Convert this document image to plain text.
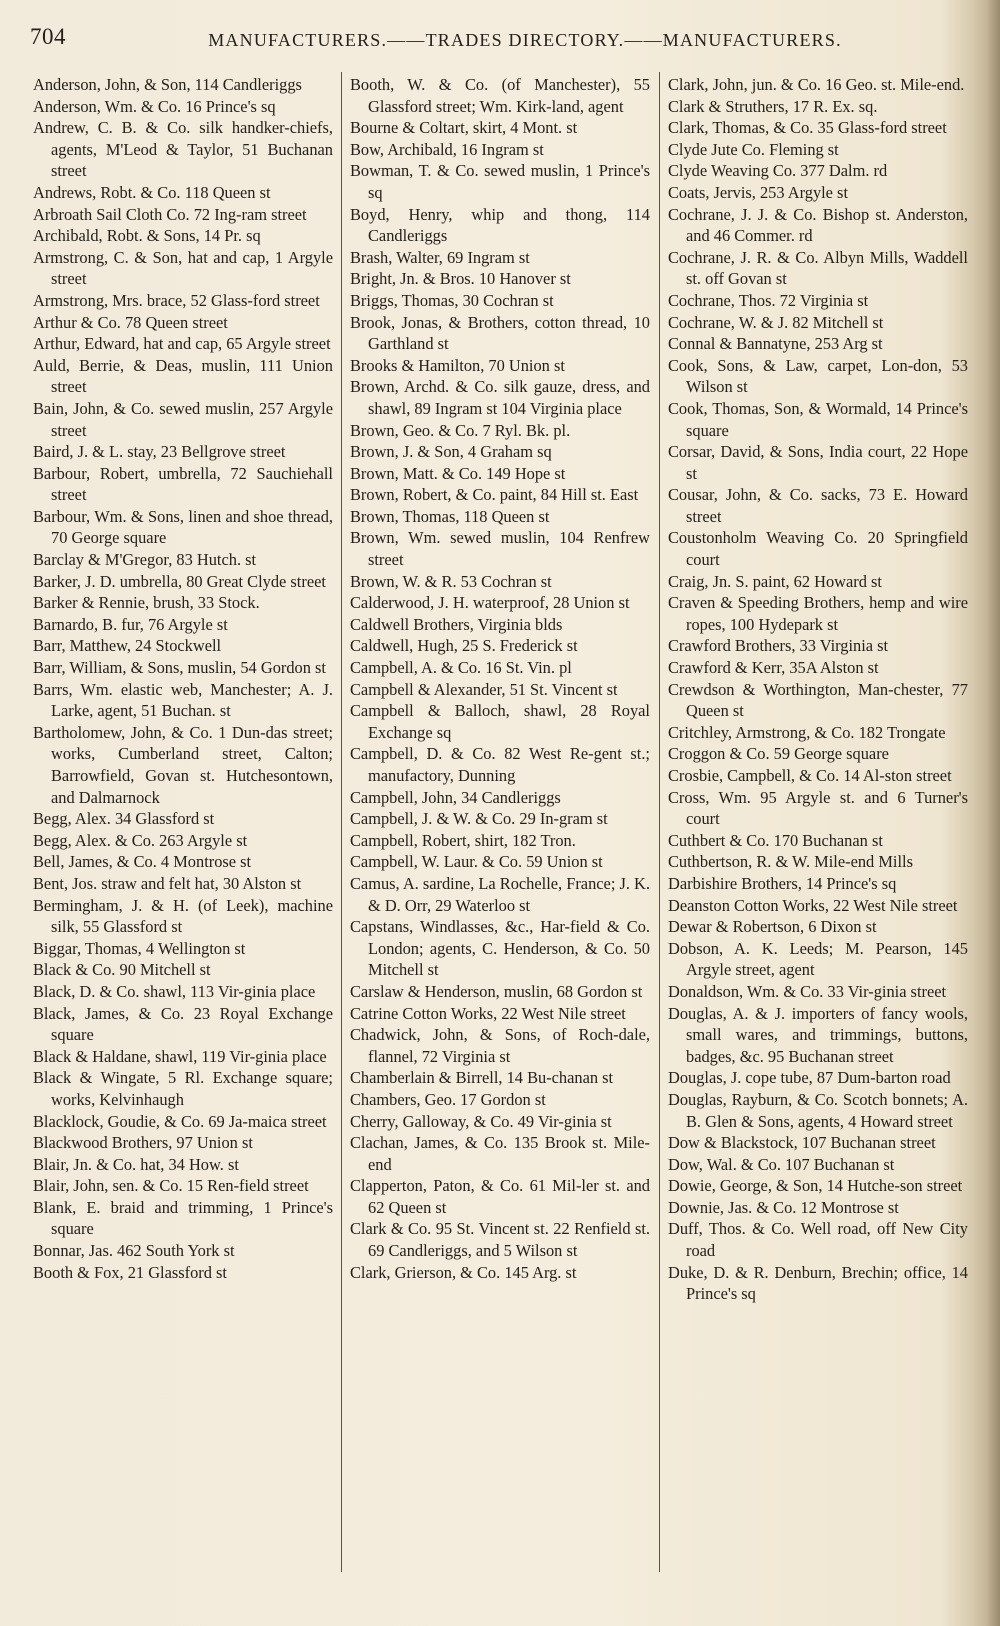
704	MANUFACTURERS.——TRADES DIRECTORY.——MANUFACTURERS.
Anderson, John, & Son, 114 Candleriggs
Anderson, Wm. & Co. 16 Prince's sq
Andrew, C. B. & Co. silk handker-chiefs, agents, M'Leod & Taylor, 51 Buchanan street
Andrews, Robt. & Co. 118 Queen st
Arbroath Sail Cloth Co. 72 Ing-ram street
Archibald, Robt. & Sons, 14 Pr. sq
Armstrong, C. & Son, hat and cap, 1 Argyle street
Armstrong, Mrs. brace, 52 Glass-ford street
Arthur & Co. 78 Queen street
Arthur, Edward, hat and cap, 65 Argyle street
Auld, Berrie, & Deas, muslin, 111 Union street
Bain, John, & Co. sewed muslin, 257 Argyle street
Baird, J. & L. stay, 23 Bellgrove street
Barbour, Robert, umbrella, 72 Sauchiehall street
Barbour, Wm. & Sons, linen and shoe thread, 70 George square
Barclay & M'Gregor, 83 Hutch. st
Barker, J. D. umbrella, 80 Great Clyde street
Barker & Rennie, brush, 33 Stock.
Barnardo, B. fur, 76 Argyle st
Barr, Matthew, 24 Stockwell
Barr, William, & Sons, muslin, 54 Gordon st
Barrs, Wm. elastic web, Manchester; A. J. Larke, agent, 51 Buchan. st
Bartholomew, John, & Co. 1 Dun-das street; works, Cumberland street, Calton; Barrowfield, Govan st. Hutchesontown, and Dalmarnock
Begg, Alex. 34 Glassford st
Begg, Alex. & Co. 263 Argyle st
Bell, James, & Co. 4 Montrose st
Bent, Jos. straw and felt hat, 30 Alston st
Bermingham, J. & H. (of Leek), machine silk, 55 Glassford st
Biggar, Thomas, 4 Wellington st
Black & Co. 90 Mitchell st
Black, D. & Co. shawl, 113 Vir-ginia place
Black, James, & Co. 23 Royal Exchange square
Black & Haldane, shawl, 119 Vir-ginia place
Black & Wingate, 5 Rl. Exchange square; works, Kelvinhaugh
Blacklock, Goudie, & Co. 69 Ja-maica street
Blackwood Brothers, 97 Union st
Blair, Jn. & Co. hat, 34 How. st
Blair, John, sen. & Co. 15 Ren-field street
Blank, E. braid and trimming, 1 Prince's square
Bonnar, Jas. 462 South York st
Booth & Fox, 21 Glassford st
Booth, W. & Co. (of Manchester), 55 Glassford street; Wm. Kirk-land, agent
Bourne & Coltart, skirt, 4 Mont. st
Bow, Archibald, 16 Ingram st
Bowman, T. & Co. sewed muslin, 1 Prince's sq
Boyd, Henry, whip and thong, 114 Candleriggs
Brash, Walter, 69 Ingram st
Bright, Jn. & Bros. 10 Hanover st
Briggs, Thomas, 30 Cochran st
Brook, Jonas, & Brothers, cotton thread, 10 Garthland st
Brooks & Hamilton, 70 Union st
Brown, Archd. & Co. silk gauze, dress, and shawl, 89 Ingram st 104 Virginia place
Brown, Geo. & Co. 7 Ryl. Bk. pl.
Brown, J. & Son, 4 Graham sq
Brown, Matt. & Co. 149 Hope st
Brown, Robert, & Co. paint, 84 Hill st. East
Brown, Thomas, 118 Queen st
Brown, Wm. sewed muslin, 104 Renfrew street
Brown, W. & R. 53 Cochran st
Calderwood, J. H. waterproof, 28 Union st
Caldwell Brothers, Virginia blds
Caldwell, Hugh, 25 S. Frederick st
Campbell, A. & Co. 16 St. Vin. pl
Campbell & Alexander, 51 St. Vincent st
Campbell & Balloch, shawl, 28 Royal Exchange sq
Campbell, D. & Co. 82 West Re-gent st.; manufactory, Dunning
Campbell, John, 34 Candleriggs
Campbell, J. & W. & Co. 29 In-gram st
Campbell, Robert, shirt, 182 Tron.
Campbell, W. Laur. & Co. 59 Union st
Camus, A. sardine, La Rochelle, France; J. K. & D. Orr, 29 Waterloo st
Capstans, Windlasses, &c., Har-field & Co. London; agents, C. Henderson, & Co. 50 Mitchell st
Carslaw & Henderson, muslin, 68 Gordon st
Catrine Cotton Works, 22 West Nile street
Chadwick, John, & Sons, of Roch-dale, flannel, 72 Virginia st
Chamberlain & Birrell, 14 Bu-chanan st
Chambers, Geo. 17 Gordon st
Cherry, Galloway, & Co. 49 Vir-ginia st
Clachan, James, & Co. 135 Brook st. Mile-end
Clapperton, Paton, & Co. 61 Mil-ler st. and 62 Queen st
Clark & Co. 95 St. Vincent st. 22 Renfield st. 69 Candleriggs, and 5 Wilson st
Clark, Grierson, & Co. 145 Arg. st
Clark, John, jun. & Co. 16 Geo. st. Mile-end.
Clark & Struthers, 17 R. Ex. sq.
Clark, Thomas, & Co. 35 Glass-ford street
Clyde Jute Co. Fleming st
Clyde Weaving Co. 377 Dalm. rd
Coats, Jervis, 253 Argyle st
Cochrane, J. J. & Co. Bishop st. Anderston, and 46 Commer. rd
Cochrane, J. R. & Co. Albyn Mills, Waddell st. off Govan st
Cochrane, Thos. 72 Virginia st
Cochrane, W. & J. 82 Mitchell st
Connal & Bannatyne, 253 Arg st
Cook, Sons, & Law, carpet, Lon-don, 53 Wilson st
Cook, Thomas, Son, & Wormald, 14 Prince's square
Corsar, David, & Sons, India court, 22 Hope st
Cousar, John, & Co. sacks, 73 E. Howard street
Coustonholm Weaving Co. 20 Springfield court
Craig, Jn. S. paint, 62 Howard st
Craven & Speeding Brothers, hemp and wire ropes, 100 Hydepark st
Crawford Brothers, 33 Virginia st
Crawford & Kerr, 35A Alston st
Crewdson & Worthington, Man-chester, 77 Queen st
Critchley, Armstrong, & Co. 182 Trongate
Croggon & Co. 59 George square
Crosbie, Campbell, & Co. 14 Al-ston street
Cross, Wm. 95 Argyle st. and 6 Turner's court
Cuthbert & Co. 170 Buchanan st
Cuthbertson, R. & W. Mile-end Mills
Darbishire Brothers, 14 Prince's sq
Deanston Cotton Works, 22 West Nile street
Dewar & Robertson, 6 Dixon st
Dobson, A. K. Leeds; M. Pearson, 145 Argyle street, agent
Donaldson, Wm. & Co. 33 Vir-ginia street
Douglas, A. & J. importers of fancy wools, small wares, and trimmings, buttons, badges, &c. 95 Buchanan street
Douglas, J. cope tube, 87 Dum-barton road
Douglas, Rayburn, & Co. Scotch bonnets; A. B. Glen & Sons, agents, 4 Howard street
Dow & Blackstock, 107 Buchanan street
Dow, Wal. & Co. 107 Buchanan st
Dowie, George, & Son, 14 Hutche-son street
Downie, Jas. & Co. 12 Montrose st
Duff, Thos. & Co. Well road, off New City road
Duke, D. & R. Denburn, Brechin; office, 14 Prince's sq
